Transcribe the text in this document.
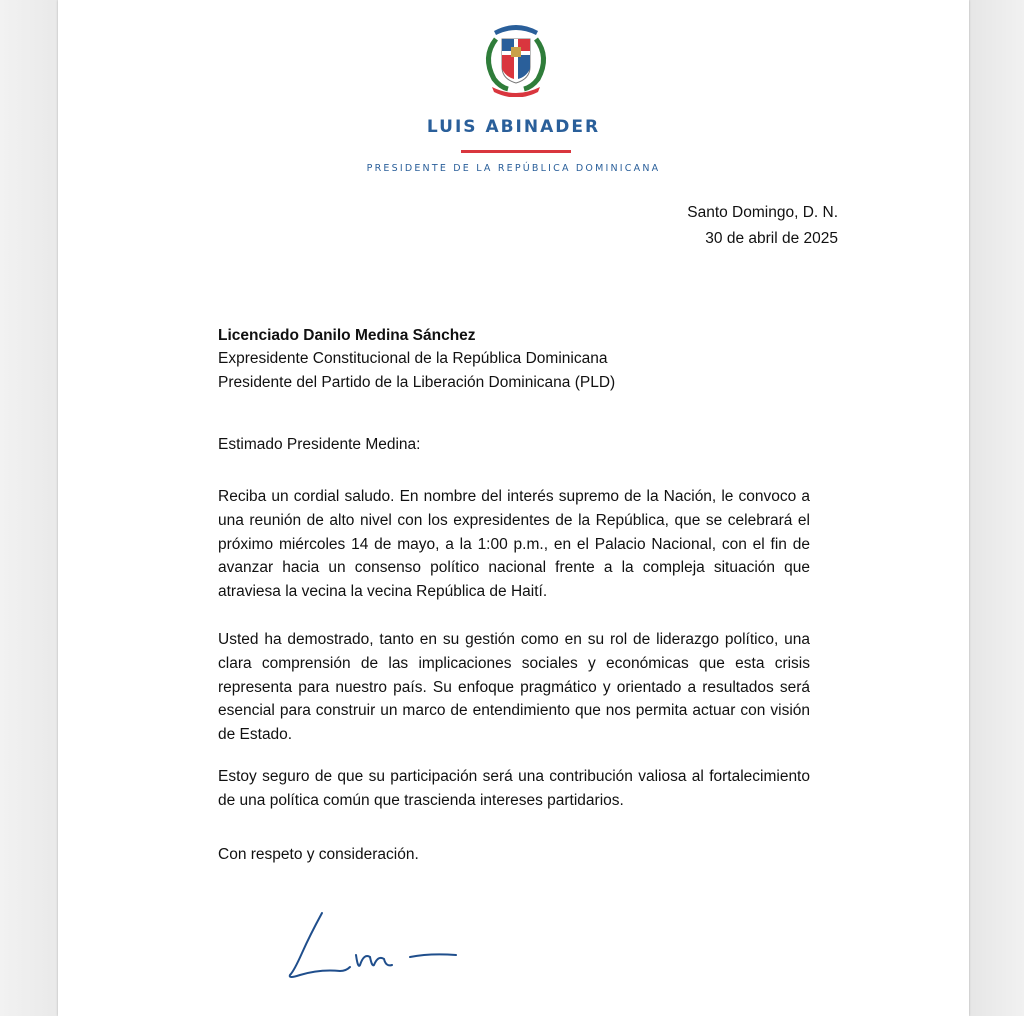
LUIS ABINADER
PRESIDENTE DE LA REPÚBLICA DOMINICANA
Santo Domingo, D. N.
30 de abril de 2025
Licenciado Danilo Medina Sánchez
Expresidente Constitucional de la República Dominicana
Presidente del Partido de la Liberación Dominicana (PLD)
Estimado Presidente Medina:
Reciba un cordial saludo. En nombre del interés supremo de la Nación, le convoco a una reunión de alto nivel con los expresidentes de la República, que se celebrará el próximo miércoles 14 de mayo, a la 1:00 p.m., en el Palacio Nacional, con el fin de avanzar hacia un consenso político nacional frente a la compleja situación que atraviesa la vecina la vecina República de Haití.
Usted ha demostrado, tanto en su gestión como en su rol de liderazgo político, una clara comprensión de las implicaciones sociales y económicas que esta crisis representa para nuestro país. Su enfoque pragmático y orientado a resultados será esencial para construir un marco de entendimiento que nos permita actuar con visión de Estado.
Estoy seguro de que su participación será una contribución valiosa al fortalecimiento de una política común que trascienda intereses partidarios.
Con respeto y consideración.
